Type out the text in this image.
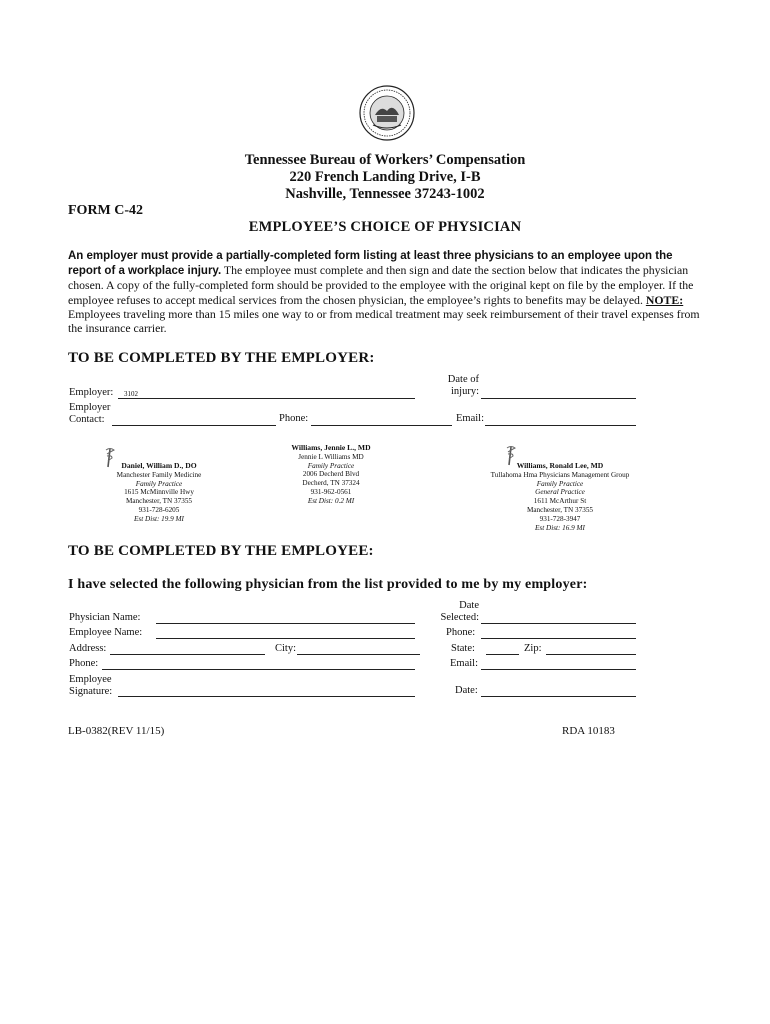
Tennessee Bureau of Workers’ Compensation
220 French Landing Drive, I-B
Nashville, Tennessee 37243-1002
FORM C-42
EMPLOYEE’S CHOICE OF PHYSICIAN
An employer must provide a partially-completed form listing at least three physicians to an employee upon the report of a workplace injury. The employee must complete and then sign and date the section below that indicates the physician chosen. A copy of the fully-completed form should be provided to the employee with the original kept on file by the employer. If the employee refuses to accept medical services from the chosen physician, the employee’s rights to benefits may be delayed. NOTE: Employees traveling more than 15 miles one way to or from medical treatment may seek reimbursement of their travel expenses from the insurance carrier.
TO BE COMPLETED BY THE EMPLOYER:
Employer: 3102
Date of
injury:
Employer
Contact:	Phone:	Email:
Daniel, William D., DO
Manchester Family Medicine
Family Practice
1615 McMinnville Hwy
Manchester, TN 37355
931-728-6205
Est Dist: 19.9 MI
Williams, Jennie L., MD
Jennie L Williams MD
Family Practice
2006 Decherd Blvd
Decherd, TN 37324
931-962-0561
Est Dist: 0.2 MI
Williams, Ronald Lee, MD
Tullahoma Hma Physicians Management Group
Family Practice
General Practice
1611 McArthur St
Manchester, TN 37355
931-728-3947
Est Dist: 16.9 MI
TO BE COMPLETED BY THE EMPLOYEE:
I have selected the following physician from the list provided to me by my employer:
Physician Name:
Date
Selected:
Employee Name:	Phone:
Address:	City:	State:	Zip:
Phone:	Email:
Employee
Signature:	Date:
LB-0382(REV 11/15)	RDA 10183
